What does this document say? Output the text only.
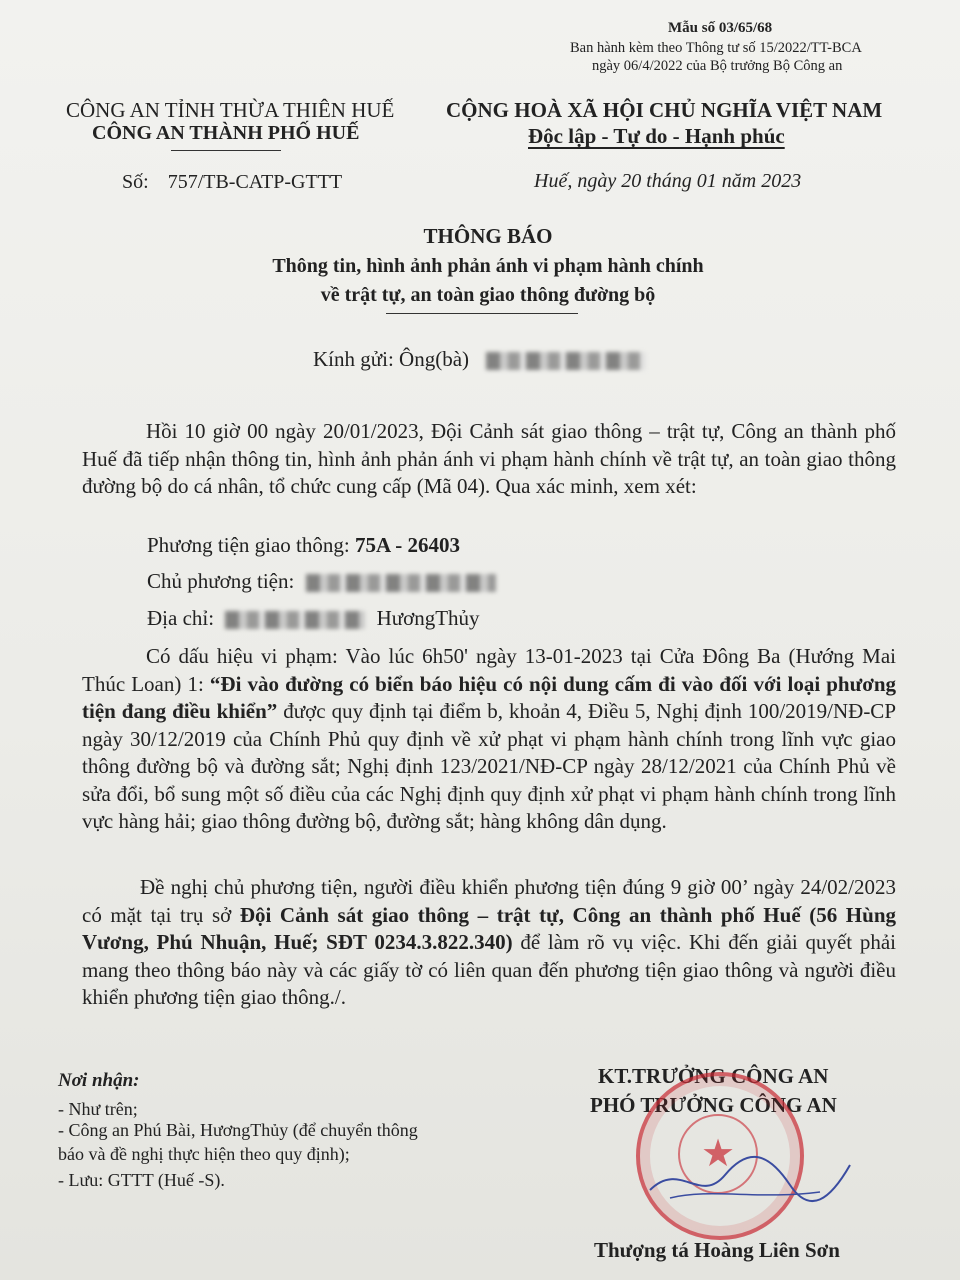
Mẫu số 03/65/68
Ban hành kèm theo Thông tư số 15/2022/TT-BCA
ngày 06/4/2022 của Bộ trưởng Bộ Công an
CÔNG AN TỈNH THỪA THIÊN HUẾ
CÔNG AN THÀNH PHỐ HUẾ
Số: 757/TB-CATP-GTTT
CỘNG HOÀ XÃ HỘI CHỦ NGHĨA VIỆT NAM
Độc lập - Tự do - Hạnh phúc
Huế, ngày 20 tháng 01 năm 2023
THÔNG BÁO
Thông tin, hình ảnh phản ánh vi phạm hành chính
về trật tự, an toàn giao thông đường bộ
Kính gửi: Ông(bà)
Hồi 10 giờ 00 ngày 20/01/2023, Đội Cảnh sát giao thông – trật tự, Công an thành phố Huế đã tiếp nhận thông tin, hình ảnh phản ánh vi phạm hành chính về trật tự, an toàn giao thông đường bộ do cá nhân, tổ chức cung cấp (Mã 04). Qua xác minh, xem xét:
Phương tiện giao thông: 75A - 26403
Chủ phương tiện:
Địa chỉ:	HươngThủy
Có dấu hiệu vi phạm: Vào lúc 6h50' ngày 13-01-2023 tại Cửa Đông Ba (Hướng Mai Thúc Loan) 1: “Đi vào đường có biển báo hiệu có nội dung cấm đi vào đối với loại phương tiện đang điều khiển” được quy định tại điểm b, khoản 4, Điều 5, Nghị định 100/2019/NĐ-CP ngày 30/12/2019 của Chính Phủ quy định về xử phạt vi phạm hành chính trong lĩnh vực giao thông đường bộ và đường sắt; Nghị định 123/2021/NĐ-CP ngày 28/12/2021 của Chính Phủ về sửa đổi, bổ sung một số điều của các Nghị định quy định xử phạt vi phạm hành chính trong lĩnh vực hàng hải; giao thông đường bộ, đường sắt; hàng không dân dụng.
Đề nghị chủ phương tiện, người điều khiển phương tiện đúng 9 giờ 00’ ngày 24/02/2023 có mặt tại trụ sở Đội Cảnh sát giao thông – trật tự, Công an thành phố Huế (56 Hùng Vương, Phú Nhuận, Huế; SĐT 0234.3.822.340) để làm rõ vụ việc. Khi đến giải quyết phải mang theo thông báo này và các giấy tờ có liên quan đến phương tiện giao thông và người điều khiển phương tiện giao thông./.
Nơi nhận:
- Như trên;
- Công an Phú Bài, HươngThủy (để chuyển thông
báo và đề nghị thực hiện theo quy định);
- Lưu: GTTT (Huế -S).
KT.TRƯỞNG CÔNG AN
PHÓ TRƯỞNG CÔNG AN
★
Thượng tá Hoàng Liên Sơn
